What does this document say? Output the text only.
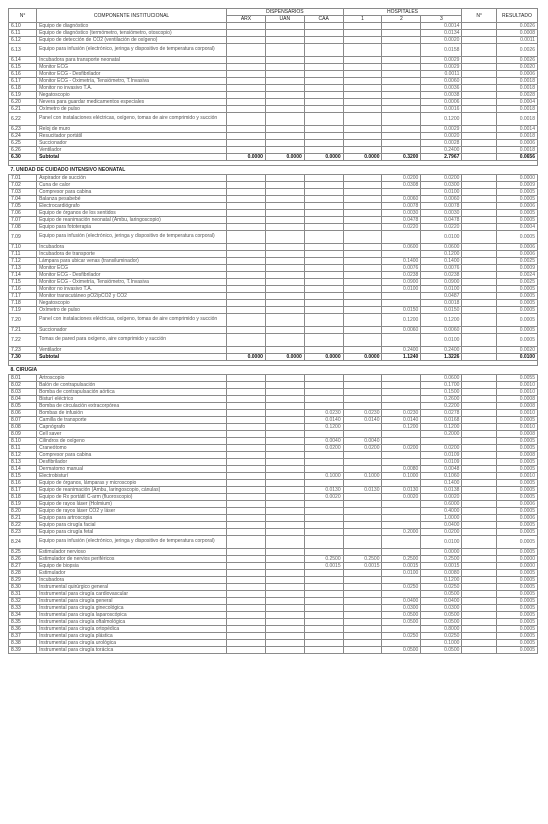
N°	COMPONENTE INSTITUCIONAL	DISPENSARIOS			HOSPITALES			N°	RESULTADO
		ARX	UAN	CAA	1	2	3		
6.10	Equipo de diagnóstico						0.0014		0.0026
6.11	Equipo de diagnóstico (termómetro, tensiómetro, otoscopio)						0.0134		0.0008
6.12	Equipo de detección de CO2 (ventilación de oxígeno)						0.0020		0.0011
6.13	Equipo para infusión (electrónico, jeringa y dispositivo de temperatura corporal)						0.0158		0.0026
6.14	Incubadora para transporte neonatal						0.0029		0.0026
6.15	Monitor ECG						0.0029		0.0020
6.16	Monitor ECG - Desfibrilador						0.0011		0.0006
6.17	Monitor ECG - Oximetría, Tensiómetro, T.Invasiva						0.0060		0.0018
6.18	Monitor no invasivo T.A.						0.0036		0.0018
6.19	Negatoscopio						0.0038		0.0028
6.20	Nevera para guardar medicamentos especiales						0.0006		0.0004
6.21	Oxímetro de pulso						0.0016		0.0018
6.22	Panel con instalaciones eléctricas, oxígeno, tomas de aire comprimido y succión						0.1200		0.0018
6.23	Reloj de muro						0.0029		0.0014
6.24	Resucitador portátil						0.0020		0.0018
6.25	Succionador						0.0028		0.0006
6.26	Ventilador						0.2400		0.0018
6.30	Subtotal	0.0000	0.0000	0.0000	0.0000	0.3200	2.7967		0.0656

7. UNIDAD DE CUIDADO INTENSIVO NEONATAL									
7.01	Aspirador de succión					0.0200	0.0200		0.0000
7.02	Cuna de calor					0.0308	0.0300		0.0009
7.03	Compresor para cabina						0.0100		0.0005
7.04	Balanza pesabebé					0.0060	0.0060		0.0005
7.05	Electrocardiógrafo					0.0078	0.0078		0.0006
7.06	Equipo de órganos de los sentidos					0.0030	0.0030		0.0005
7.07	Equipo de reanimación neonatal (Ambu, laringoscopio)					0.0478	0.0478		0.0005
7.08	Equipo para fototerapia					0.0220	0.0220		0.0004
7.09	Equipo para infusión (electrónico, jeringa y dispositivo de temperatura corporal)						0.0100		0.0005
7.10	Incubadora					0.0600	0.0600		0.0006
7.11	Incubadora de transporte						0.1200		0.0006
7.12	Lámpara para ubicar venas (transiluminador)					0.1400	0.1400		0.0025
7.13	Monitor ECG					0.0076	0.0076		0.0009
7.14	Monitor ECG - Desfibrilador					0.0238	0.0238		0.0024
7.15	Monitor ECG - Oximetría, Tensiómetro, T.Invasiva					0.0900	0.0900		0.0025
7.16	Monitor no invasivo T.A.					0.0100	0.0100		0.0005
7.17	Monitor transcutáneo pO2/pCO2 y CO2						0.0487		0.0005
7.18	Negatoscopio						0.0018		0.0005
7.19	Oxímetro de pulso					0.0150	0.0150		0.0005
7.20	Panel con instalaciones eléctricas, oxígeno, tomas de aire comprimido y succión					0.1200	0.1200		0.0005
7.21	Succionador					0.0060	0.0060		0.0005
7.22	Tomas de pared para oxígeno, aire comprimido y succión						0.0100		0.0005
7.23	Ventilador					0.2400	0.2400		0.0020
7.30	Subtotal	0.0000	0.0000	0.0000	0.0000	1.1240	1.3226		0.0100

8. CIRUGIA									
8.01	Artroscopio						0.0600		0.0055
8.02	Balón de contrapulsación						0.1700		0.0010
8.03	Bomba de contrapulsación aórtica						0.1500		0.0010
8.04	Bisturí eléctrico						0.2600		0.0008
8.05	Bomba de circulación extracorpórea						0.2200		0.0008
8.06	Bombas de infusión			0.0230	0.0230	0.0230	0.0278		0.0010
8.07	Camilla de transporte			0.0140	0.0140	0.0140	0.0168		0.0005
8.08	Capnógrafo			0.1200		0.1200	0.1200		0.0010
8.09	Cell saver						0.2000		0.0008
8.10	Cilindros de oxígeno			0.0040	0.0040				0.0005
8.11	Craneótomo			0.0200	0.0200	0.0200	0.0200		0.0005
8.12	Compresor para cabina						0.0109		0.0008
8.13	Desfibrilador						0.0109		0.0005
8.14	Dermatomo manual					0.0080	0.0048		0.0005
8.15	Electrobisturí			0.1000	0.1000	0.1000	0.1060		0.0010
8.16	Equipo de órganos, lámparas y microscopio						0.1400		0.0005
8.17	Equipo de reanimación (Ambu, laringoscopio, cánulas)			0.0130	0.0130	0.0130	0.0138		0.0005
8.18	Equipo de Rx portátil C-arm (fluoroscopio)			0.0020		0.0020	0.0020		0.0005
8.19	Equipo de rayos láser (Holmium)						0.6000		0.0006
8.20	Equipo de rayos láser CO2 y láser						0.4000		0.0005
8.21	Equipo para artroscopia						1.0000		0.0006
8.22	Equipo para cirugía facial						0.0400		0.0005
8.23	Equipo para cirugía fetal					0.2000	0.0200		0.0005
8.24	Equipo para infusión (electrónico, jeringa y dispositivo de temperatura corporal)						0.0100		0.0005
8.25	Estimulador nervioso						0.0000		0.0005
8.26	Estimulador de nervios periféricos			0.2500	0.2500	0.2500	0.2500		0.0000
8.27	Equipo de biopsia			0.0015	0.0015	0.0015	0.0015		0.0000
8.28	Estimulador					0.0100	0.0080		0.0005
8.29	Incubadora						0.1200		0.0005
8.30	Instrumental quirúrgico general					0.0250	0.0250		0.0005
8.31	Instrumental para cirugía cardiovascular						0.0500		0.0005
8.32	Instrumental para cirugía general					0.0400	0.0400		0.0005
8.33	Instrumental para cirugía ginecológica					0.0300	0.0300		0.0005
8.34	Instrumental para cirugía laparoscópica					0.0500	0.0500		0.0005
8.35	Instrumental para cirugía oftalmológica					0.0500	0.0500		0.0005
8.36	Instrumental para cirugía ortopédica						0.8000		0.0005
8.37	Instrumental para cirugía plástica					0.0250	0.0250		0.0005
8.38	Instrumental para cirugía urológica						0.1000		0.0005
8.39	Instrumental para cirugía torácica					0.0500	0.0500		0.0005
